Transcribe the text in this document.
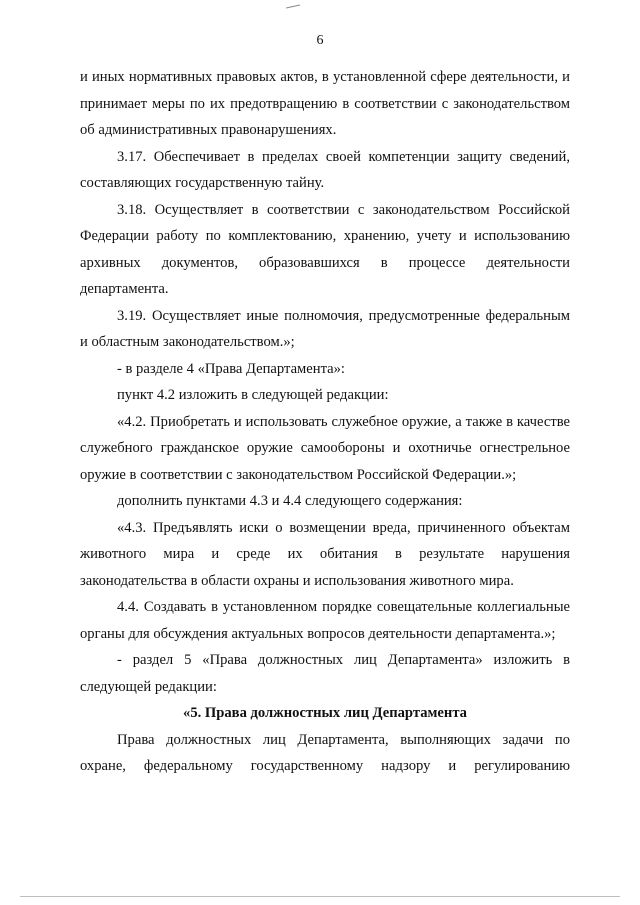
6

и иных нормативных правовых актов, в установленной сфере деятельности, и принимает меры по их предотвращению в соответствии с законодательством об административных правонарушениях.

3.17. Обеспечивает в пределах своей компетенции защиту сведений, составляющих государственную тайну.

3.18. Осуществляет в соответствии с законодательством Российской Федерации работу по комплектованию, хранению, учету и использованию архивных документов, образовавшихся в процессе деятельности департамента.

3.19. Осуществляет иные полномочия, предусмотренные федеральным и областным законодательством.»;

- в разделе 4 «Права Департамента»:

пункт 4.2 изложить в следующей редакции:

«4.2. Приобретать и использовать служебное оружие, а также в качестве служебного гражданское оружие самообороны и охотничье огнестрельное оружие в соответствии с законодательством Российской Федерации.»;

дополнить пунктами 4.3 и 4.4 следующего содержания:

«4.3. Предъявлять иски о возмещении вреда, причиненного объектам животного мира и среде их обитания в результате нарушения законодательства в области охраны и использования животного мира.

4.4. Создавать в установленном порядке совещательные коллегиальные органы для обсуждения актуальных вопросов деятельности департамента.»;

- раздел 5 «Права должностных лиц Департамента» изложить в следующей редакции:

«5. Права должностных лиц Департамента

Права должностных лиц Департамента, выполняющих задачи по охране, федеральному государственному надзору и регулированию
